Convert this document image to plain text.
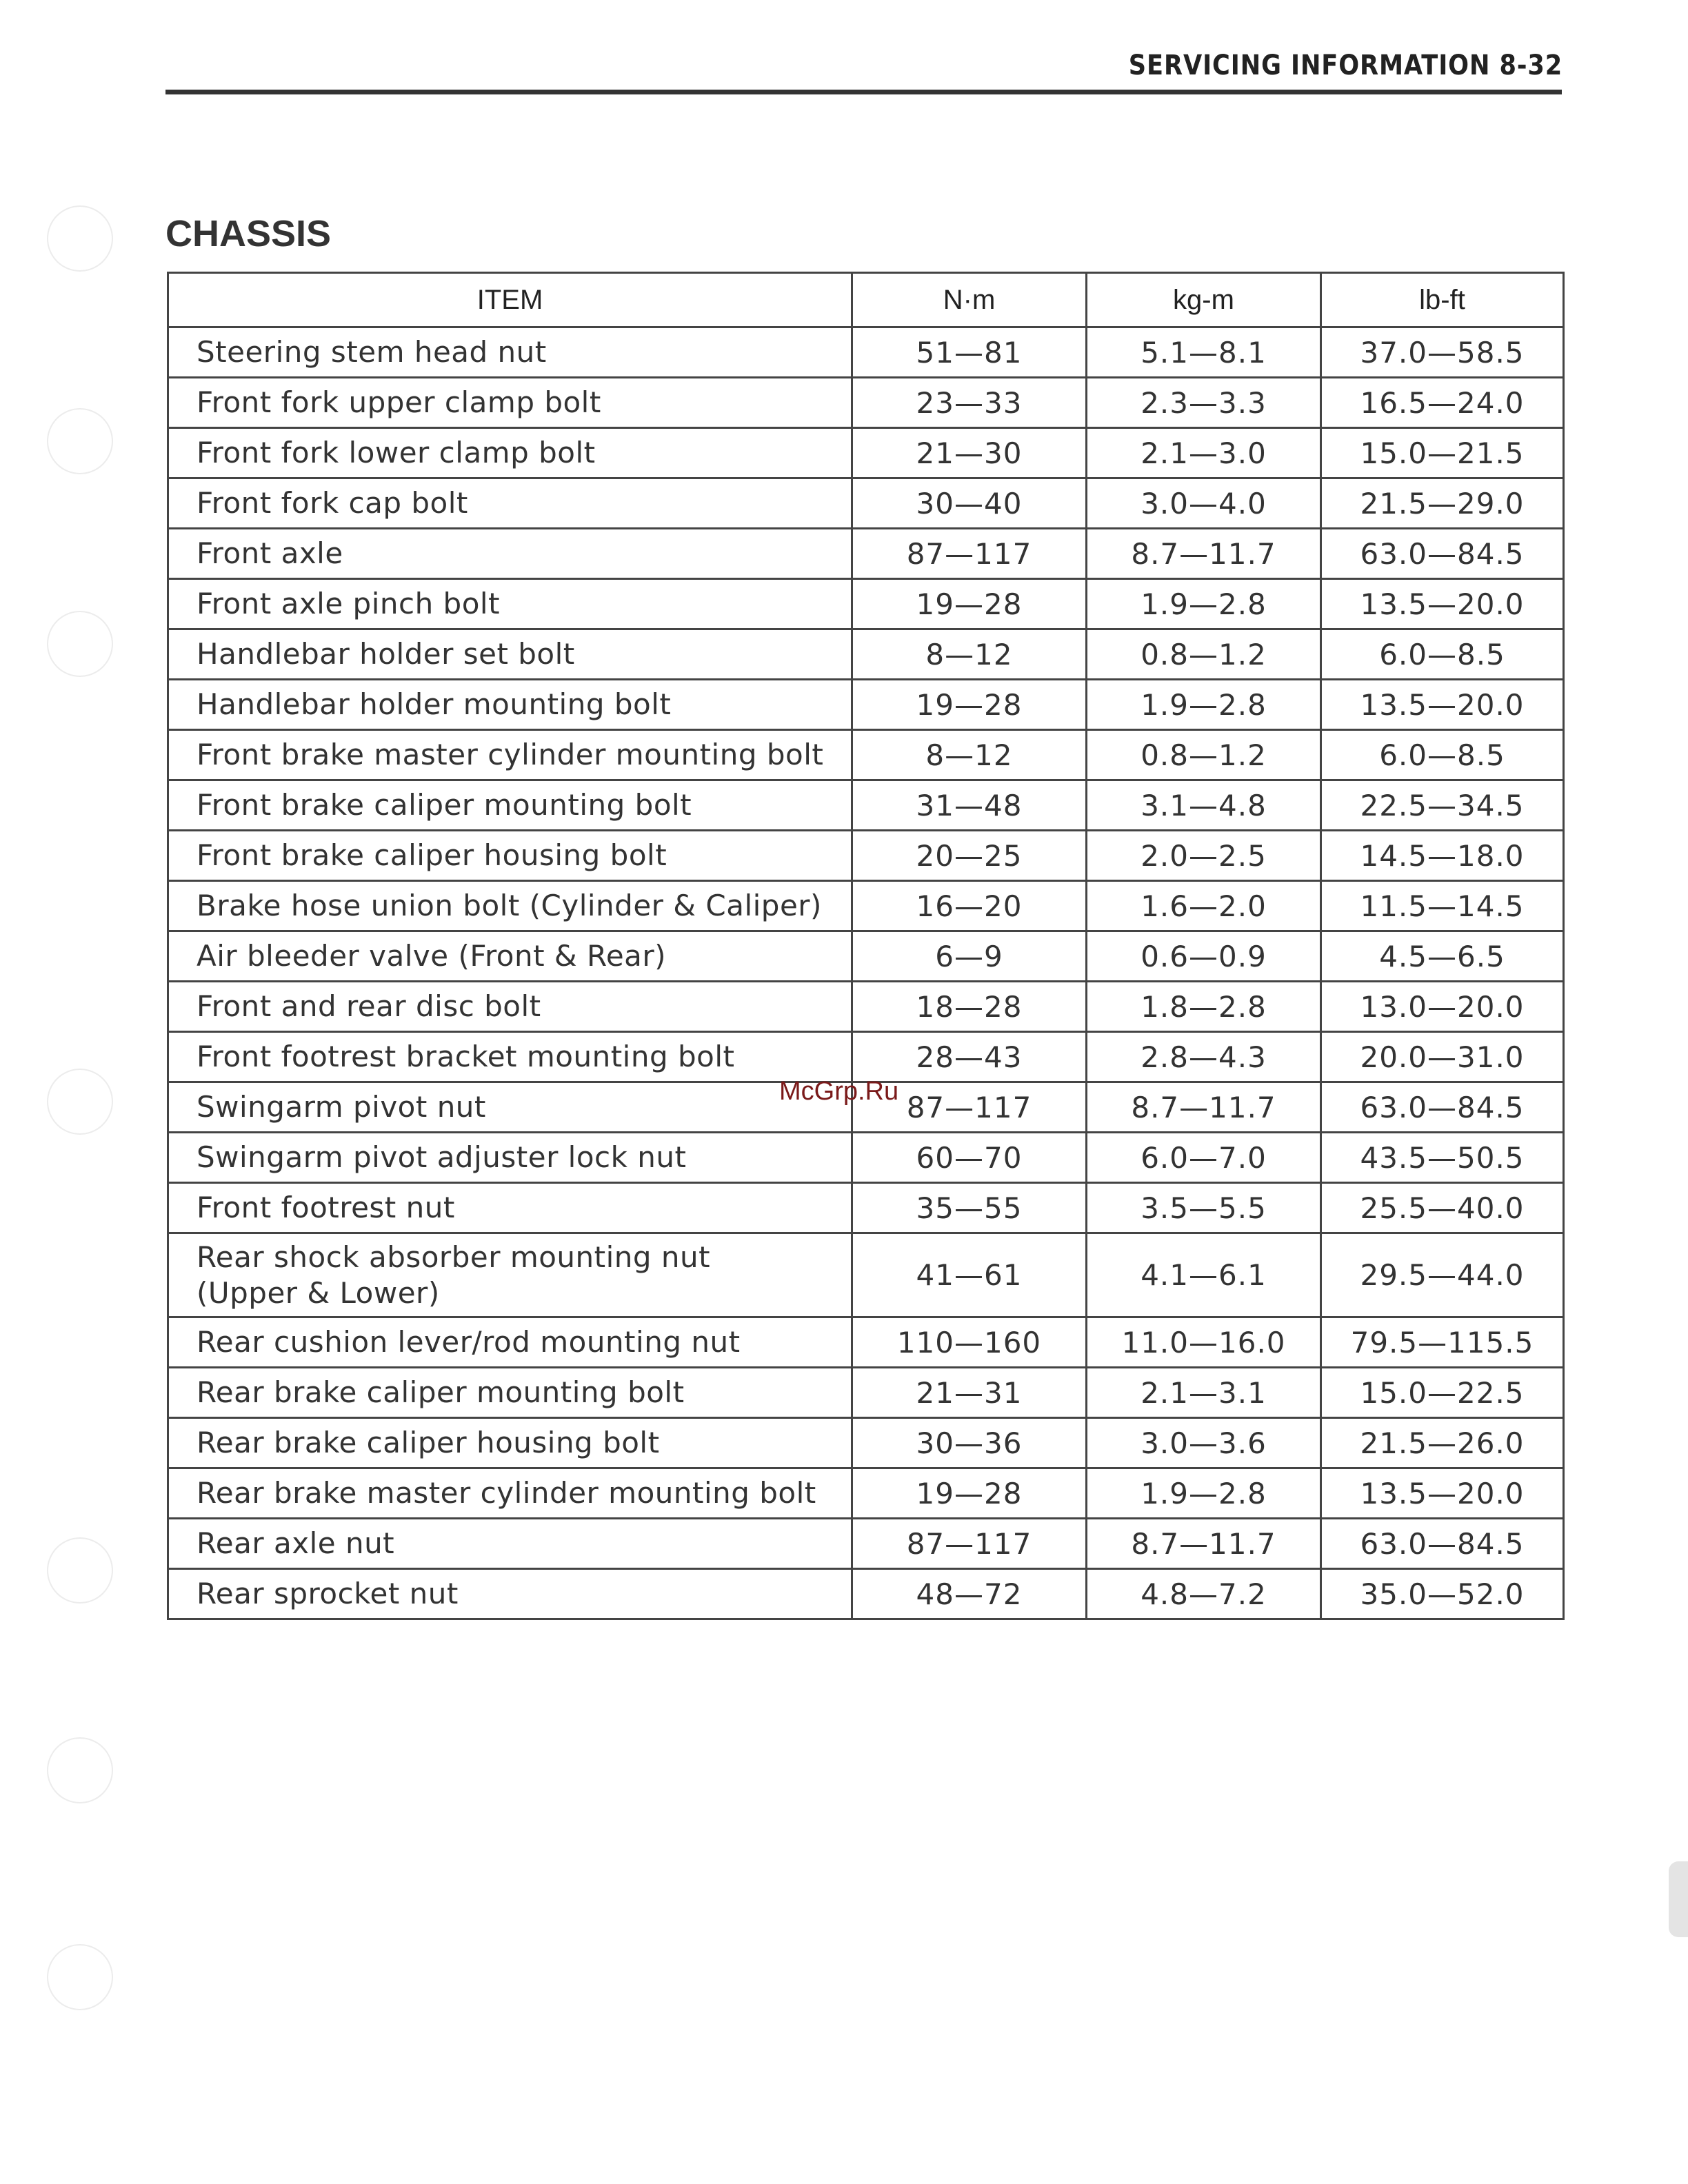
SERVICING INFORMATION 8-32
CHASSIS
ITEM	N·m	kg-m	lb-ft

Steering stem head nut	51—81	5.1—8.1	37.0—58.5

Front fork upper clamp bolt	23—33	2.3—3.3	16.5—24.0

Front fork lower clamp bolt	21—30	2.1—3.0	15.0—21.5

Front fork cap bolt	30—40	3.0—4.0	21.5—29.0

Front axle	87—117	8.7—11.7	63.0—84.5

Front axle pinch bolt	19—28	1.9—2.8	13.5—20.0

Handlebar holder set bolt	8—12	0.8—1.2	6.0—8.5

Handlebar holder mounting bolt	19—28	1.9—2.8	13.5—20.0

Front brake master cylinder mounting bolt	8—12	0.8—1.2	6.0—8.5

Front brake caliper mounting bolt	31—48	3.1—4.8	22.5—34.5

Front brake caliper housing bolt	20—25	2.0—2.5	14.5—18.0

Brake hose union bolt (Cylinder & Caliper)	16—20	1.6—2.0	11.5—14.5

Air bleeder valve (Front & Rear)	6—9	0.6—0.9	4.5—6.5

Front and rear disc bolt	18—28	1.8—2.8	13.0—20.0

Front footrest bracket mounting bolt	28—43	2.8—4.3	20.0—31.0

Swingarm pivot nut	87—117	8.7—11.7	63.0—84.5

Swingarm pivot adjuster lock nut	60—70	6.0—7.0	43.5—50.5

Front footrest nut	35—55	3.5—5.5	25.5—40.0

Rear shock absorber mounting nut
(Upper & Lower)	41—61	4.1—6.1	29.5—44.0

Rear cushion lever/rod mounting nut	110—160	11.0—16.0	79.5—115.5

Rear brake caliper mounting bolt	21—31	2.1—3.1	15.0—22.5

Rear brake caliper housing bolt	30—36	3.0—3.6	21.5—26.0

Rear brake master cylinder mounting bolt	19—28	1.9—2.8	13.5—20.0

Rear axle nut	87—117	8.7—11.7	63.0—84.5

Rear sprocket nut	48—72	4.8—7.2	35.0—52.0
McGrp.Ru
